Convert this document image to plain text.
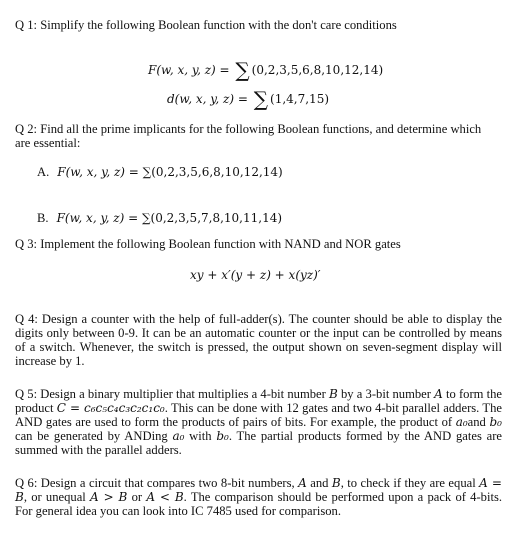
Q 1: Simplify the following Boolean function with the don't care conditions
F(w, x, y, z) = ∑ (0,2,3,5,6,8,10,12,14)
d(w, x, y, z) = ∑ (1,4,7,15)
Q 2: Find all the prime implicants for the following Boolean functions, and determine which
are essential:
A. F(w, x, y, z) = ∑(0,2,3,5,6,8,10,12,14)
B. F(w, x, y, z) = ∑(0,2,3,5,7,8,10,11,14)
Q 3: Implement the following Boolean function with NAND and NOR gates
xy + x′(y + z) + x(yz)′
Q 4: Design a counter with the help of full-adder(s). The counter should be able to display the digits only between 0-9. It can be an automatic counter or the input can be controlled by means of a switch. Whenever, the switch is pressed, the output shown on seven-segment display will increase by 1.
Q 5: Design a binary multiplier that multiplies a 4-bit number B by a 3-bit number A to form the product C = c₆c₅c₄c₃c₂c₁c₀. This can be done with 12 gates and two 4-bit parallel adders. The AND gates are used to form the products of pairs of bits. For example, the product of a₀and b₀ can be generated by ANDing a₀ with b₀. The partial products formed by the AND gates are summed with the parallel adders.
Q 6: Design a circuit that compares two 8-bit numbers, A and B, to check if they are equal A = B, or unequal A > B or A < B. The comparison should be performed upon a pack of 4-bits. For general idea you can look into IC 7485 used for comparison.
